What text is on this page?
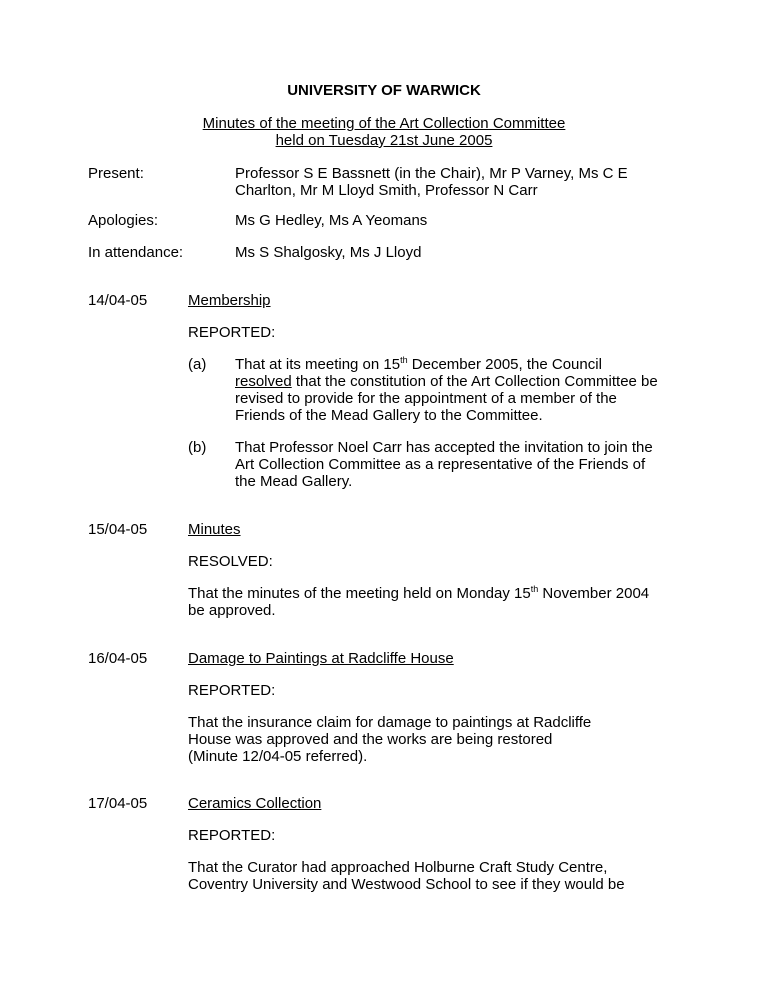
UNIVERSITY OF WARWICK
Minutes of the meeting of the Art Collection Committee
held on Tuesday 21st June 2005
Present:	Professor S E Bassnett (in the Chair), Mr P Varney, Ms C E
Charlton, Mr M Lloyd Smith, Professor N Carr
Apologies:	Ms G Hedley, Ms A Yeomans
In attendance:	Ms S Shalgosky, Ms J Lloyd
14/04-05	Membership
REPORTED:
(a) That at its meeting on 15th December 2005, the Council
resolved that the constitution of the Art Collection Committee be
revised to provide for the appointment of a member of the
Friends of the Mead Gallery to the Committee.
(b) That Professor Noel Carr has accepted the invitation to join the
Art Collection Committee as a representative of the Friends of
the Mead Gallery.
15/04-05	Minutes
RESOLVED:
That the minutes of the meeting held on Monday 15th November 2004
be approved.
16/04-05	Damage to Paintings at Radcliffe House
REPORTED:
That the insurance claim for damage to paintings at Radcliffe
House was approved and the works are being restored
(Minute 12/04-05 referred).
17/04-05	Ceramics Collection
REPORTED:
That the Curator had approached Holburne Craft Study Centre,
Coventry University and Westwood School to see if they would be
